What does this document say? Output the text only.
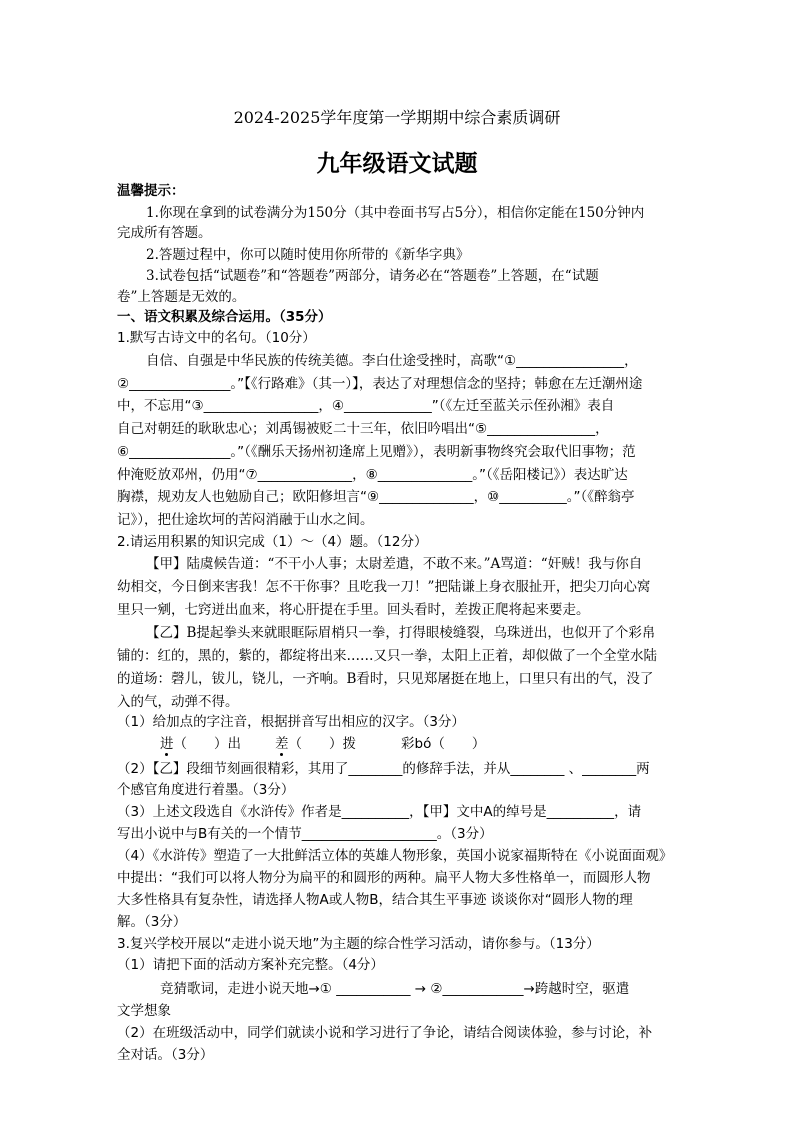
2024-2025学年度第一学期期中综合素质调研
九年级语文试题
温馨提示：
1.你现在拿到的试卷满分为150分（其中卷面书写占5分），相信你定能在150分钟内
完成所有答题。
2.答题过程中，你可以随时使用你所带的《新华字典》
3.试卷包括“试题卷”和“答题卷”两部分，请务必在“答题卷”上答题，在“试题
卷”上答题是无效的。
一、语文积累及综合运用。（35分）
1.默写古诗文中的名句。（10分）
自信、自强是中华民族的传统美德。李白仕途受挫时，高歌“①________________，
②_______________。”【《行路难》（其一）】，表达了对理想信念的坚持；韩愈在左迁潮州途
中，不忘用“③_________________，④_____________”（《左迁至蓝关示侄孙湘》表自
自己对朝廷的耿耿忠心；刘禹锡被贬二十三年，依旧吟唱出“⑤________________，
⑥_______________。”（《酬乐天扬州初逢席上见赠》），表明新事物终究会取代旧事物；范
仲淹贬放邓州，仍用“⑦______________，⑧______________。”（《岳阳楼记》）表达旷达
胸襟，规劝友人也勉励自己；欧阳修坦言“⑨______________，⑩__________。”（《醉翁亭
记》），把仕途坎坷的苦闷消融于山水之间。
2.请运用积累的知识完成（1）～（4）题。（12分）
【甲】陆虞候告道：“不干小人事；太尉差遣，不敢不来。”A骂道：“奸贼！我与你自
幼相交，今日倒来害我！怎不干你事？且吃我一刀！”把陆谦上身衣服扯开，把尖刀向心窝
里只一剜，七窍迸出血来，将心肝提在手里。回头看时，差拨正爬将起来要走。
【乙】B提起拳头来就眼眶际眉梢只一拳，打得眼棱缝裂，乌珠迸出，也似开了个彩帛
铺的：红的，黑的，紫的，都绽将出来……又只一拳，太阳上正着，却似做了一个全堂水陆
的道场：磬儿，钹儿，铙儿，一齐响。B看时，只见郑屠挺在地上，口里只有出的气，没了
入的气，动弹不得。
（1）给加点的字注音，根据拼音写出相应的汉字。（3分）
进（　　）出	差（　　）拨	彩bó（　　）
（2）【乙】段细节刻画很精彩，其用了________的修辞手法，并从________ 、________两
个感官角度进行着墨。（3分）
（3）上述文段选自《水浒传》作者是__________，【甲】文中A的绰号是__________，请
写出小说中与B有关的一个情节____________________。（3分）
（4）《水浒传》塑造了一大批鲜活立体的英雄人物形象，英国小说家福斯特在《小说面面观》
中提出：“我们可以将人物分为扁平的和圆形的两种。扁平人物大多性格单一，而圆形人物
大多性格具有复杂性，请选择人物A或人物B，结合其生平事迹 谈谈你对“圆形人物的理
解。（3分）
3.复兴学校开展以“走进小说天地”为主题的综合性学习活动，请你参与。（13分）
（1）请把下面的活动方案补充完整。（4分）
竞猜歌词，走进小说天地→① ___________ → ②____________→跨越时空，驱遣
文学想象
（2）在班级活动中，同学们就读小说和学习进行了争论，请结合阅读体验，参与讨论，补
全对话。（3分）
